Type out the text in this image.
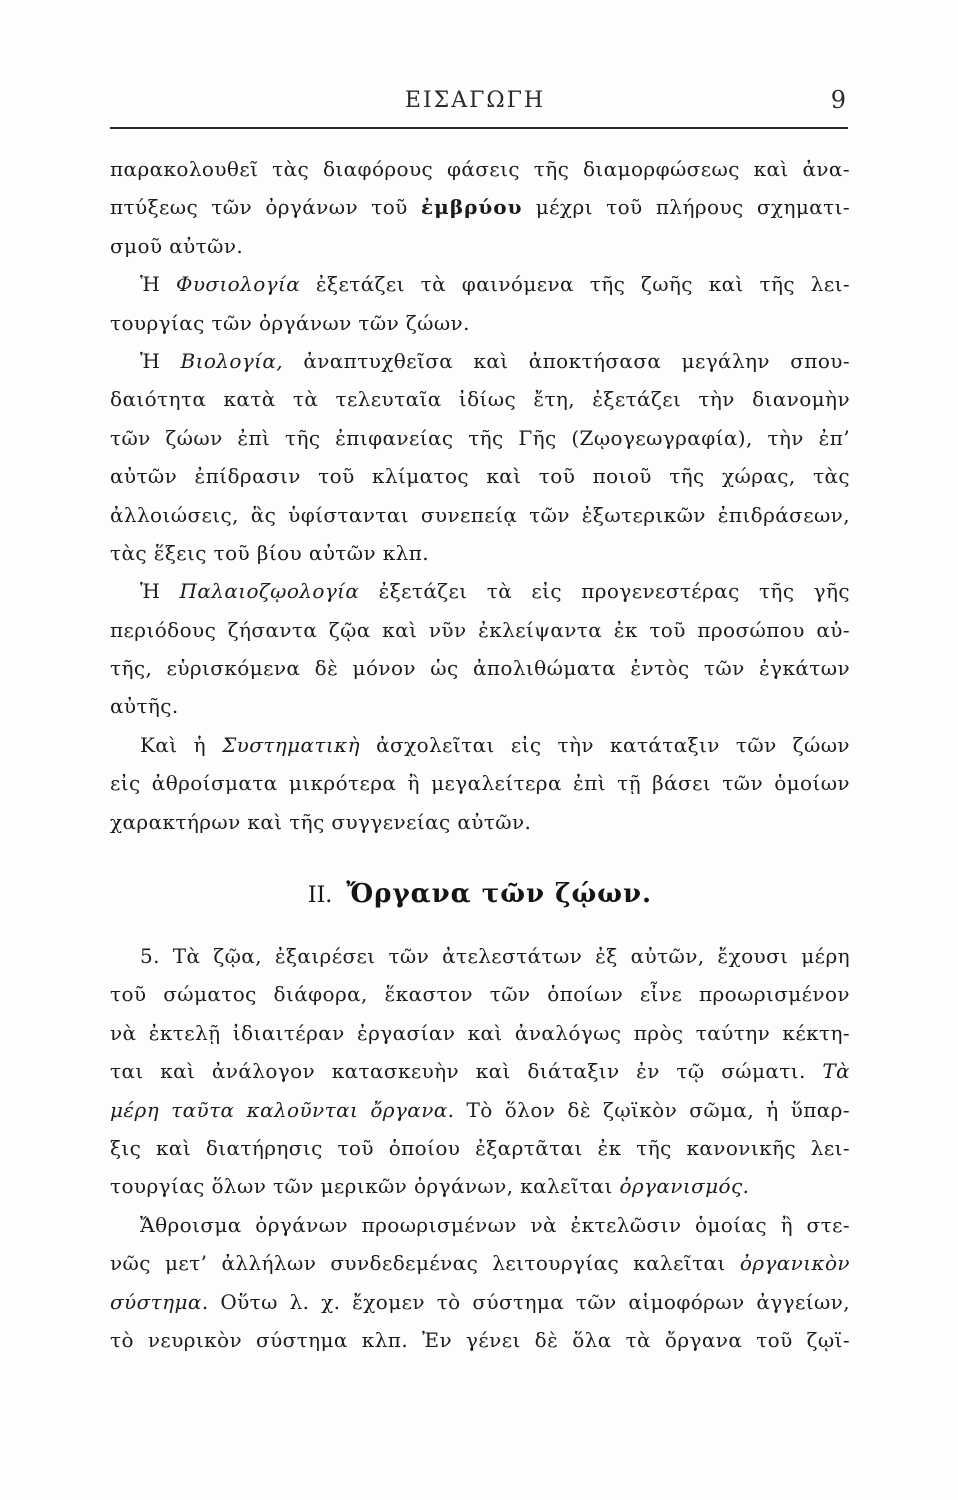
ΕΙΣΑΓΩΓΗ	9
παρακολουθεῖ τὰς διαφόρους φάσεις τῆς διαμορφώσεως καὶ ἀνα-
πτύξεως τῶν ὀργάνων τοῦ ἐμβρύου μέχρι τοῦ πλήρους σχηματι-
σμοῦ αὐτῶν.
Ἡ Φυσιολογία ἐξετάζει τὰ φαινόμενα τῆς ζωῆς καὶ τῆς λει-
τουργίας τῶν ὀργάνων τῶν ζώων.
Ἡ Βιολογία, ἀναπτυχθεῖσα καὶ ἀποκτήσασα μεγάλην σπου-
δαιότητα κατὰ τὰ τελευταῖα ἰδίως ἔτη, ἐξετάζει τὴν διανομὴν
τῶν ζώων ἐπὶ τῆς ἐπιφανείας τῆς Γῆς (Ζῳογεωγραφία), τὴν ἐπ’
αὐτῶν ἐπίδρασιν τοῦ κλίματος καὶ τοῦ ποιοῦ τῆς χώρας, τὰς
ἀλλοιώσεις, ἃς ὑφίστανται συνεπείᾳ τῶν ἐξωτερικῶν ἐπιδράσεων,
τὰς ἕξεις τοῦ βίου αὐτῶν κλπ.
Ἡ Παλαιοζῳολογία ἐξετάζει τὰ εἰς προγενεστέρας τῆς γῆς
περιόδους ζήσαντα ζῷα καὶ νῦν ἐκλείψαντα ἐκ τοῦ προσώπου αὐ-
τῆς, εὑρισκόμενα δὲ μόνον ὡς ἀπολιθώματα ἐντὸς τῶν ἐγκάτων
αὐτῆς.
Καὶ ἡ Συστηματικὴ ἀσχολεῖται εἰς τὴν κατάταξιν τῶν ζώων
εἰς ἀθροίσματα μικρότερα ἢ μεγαλείτερα ἐπὶ τῇ βάσει τῶν ὁμοίων
χαρακτήρων καὶ τῆς συγγενείας αὐτῶν.
ΙΙ. Ὄργανα τῶν ζῴων.
5. Τὰ ζῷα, ἐξαιρέσει τῶν ἀτελεστάτων ἐξ αὐτῶν, ἔχουσι μέρη
τοῦ σώματος διάφορα, ἕκαστον τῶν ὁποίων εἶνε προωρισμένον
νὰ ἐκτελῇ ἰδιαιτέραν ἐργασίαν καὶ ἀναλόγως πρὸς ταύτην κέκτη-
ται καὶ ἀνάλογον κατασκευὴν καὶ διάταξιν ἐν τῷ σώματι. Τὰ
μέρη ταῦτα καλοῦνται ὄργανα. Τὸ ὅλον δὲ ζῳϊκὸν σῶμα, ἡ ὕπαρ-
ξις καὶ διατήρησις τοῦ ὁποίου ἐξαρτᾶται ἐκ τῆς κανονικῆς λει-
τουργίας ὅλων τῶν μερικῶν ὀργάνων, καλεῖται ὀργανισμός.
Ἄθροισμα ὀργάνων προωρισμένων νὰ ἐκτελῶσιν ὁμοίας ἢ στε-
νῶς μετ’ ἀλλήλων συνδεδεμένας λειτουργίας καλεῖται ὀργανικὸν
σύστημα. Οὕτω λ. χ. ἔχομεν τὸ σύστημα τῶν αἱμοφόρων ἀγγείων,
τὸ νευρικὸν σύστημα κλπ. Ἐν γένει δὲ ὅλα τὰ ὄργανα τοῦ ζῳϊ-
